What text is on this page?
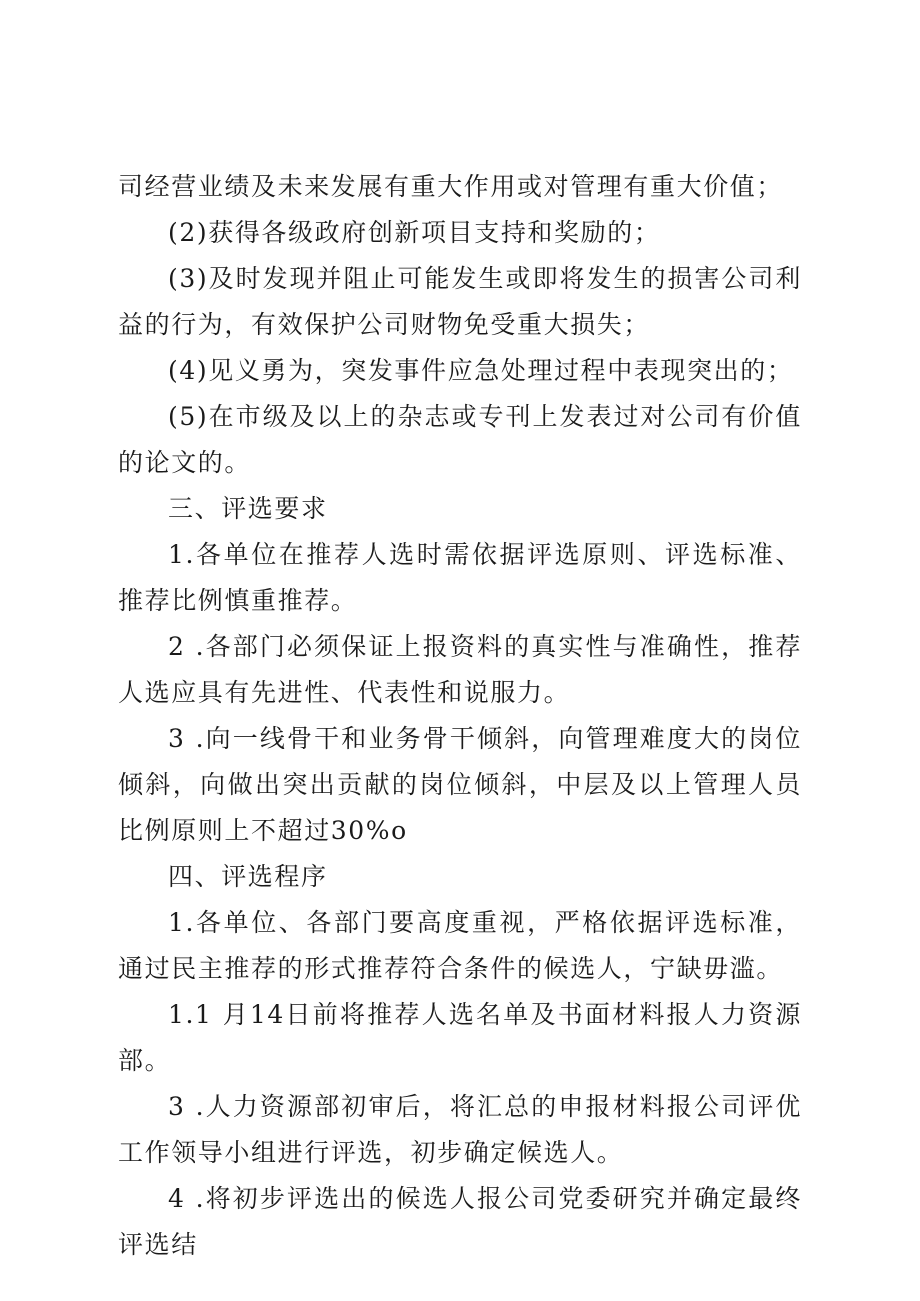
司经营业绩及未来发展有重大作用或对管理有重大价值；

(2)获得各级政府创新项目支持和奖励的；

(3)及时发现并阻止可能发生或即将发生的损害公司利益的行为，有效保护公司财物免受重大损失；

(4)见义勇为，突发事件应急处理过程中表现突出的；

(5)在市级及以上的杂志或专刊上发表过对公司有价值的论文的。

三、评选要求

1.各单位在推荐人选时需依据评选原则、评选标准、推荐比例慎重推荐。

2 .各部门必须保证上报资料的真实性与准确性，推荐人选应具有先进性、代表性和说服力。

3 .向一线骨干和业务骨干倾斜，向管理难度大的岗位倾斜，向做出突出贡献的岗位倾斜，中层及以上管理人员比例原则上不超过30%o

四、评选程序

1.各单位、各部门要高度重视，严格依据评选标准，通过民主推荐的形式推荐符合条件的候选人，宁缺毋滥。

1.1 月14日前将推荐人选名单及书面材料报人力资源部。

3 .人力资源部初审后，将汇总的申报材料报公司评优工作领导小组进行评选，初步确定候选人。

4 .将初步评选出的候选人报公司党委研究并确定最终评选结
